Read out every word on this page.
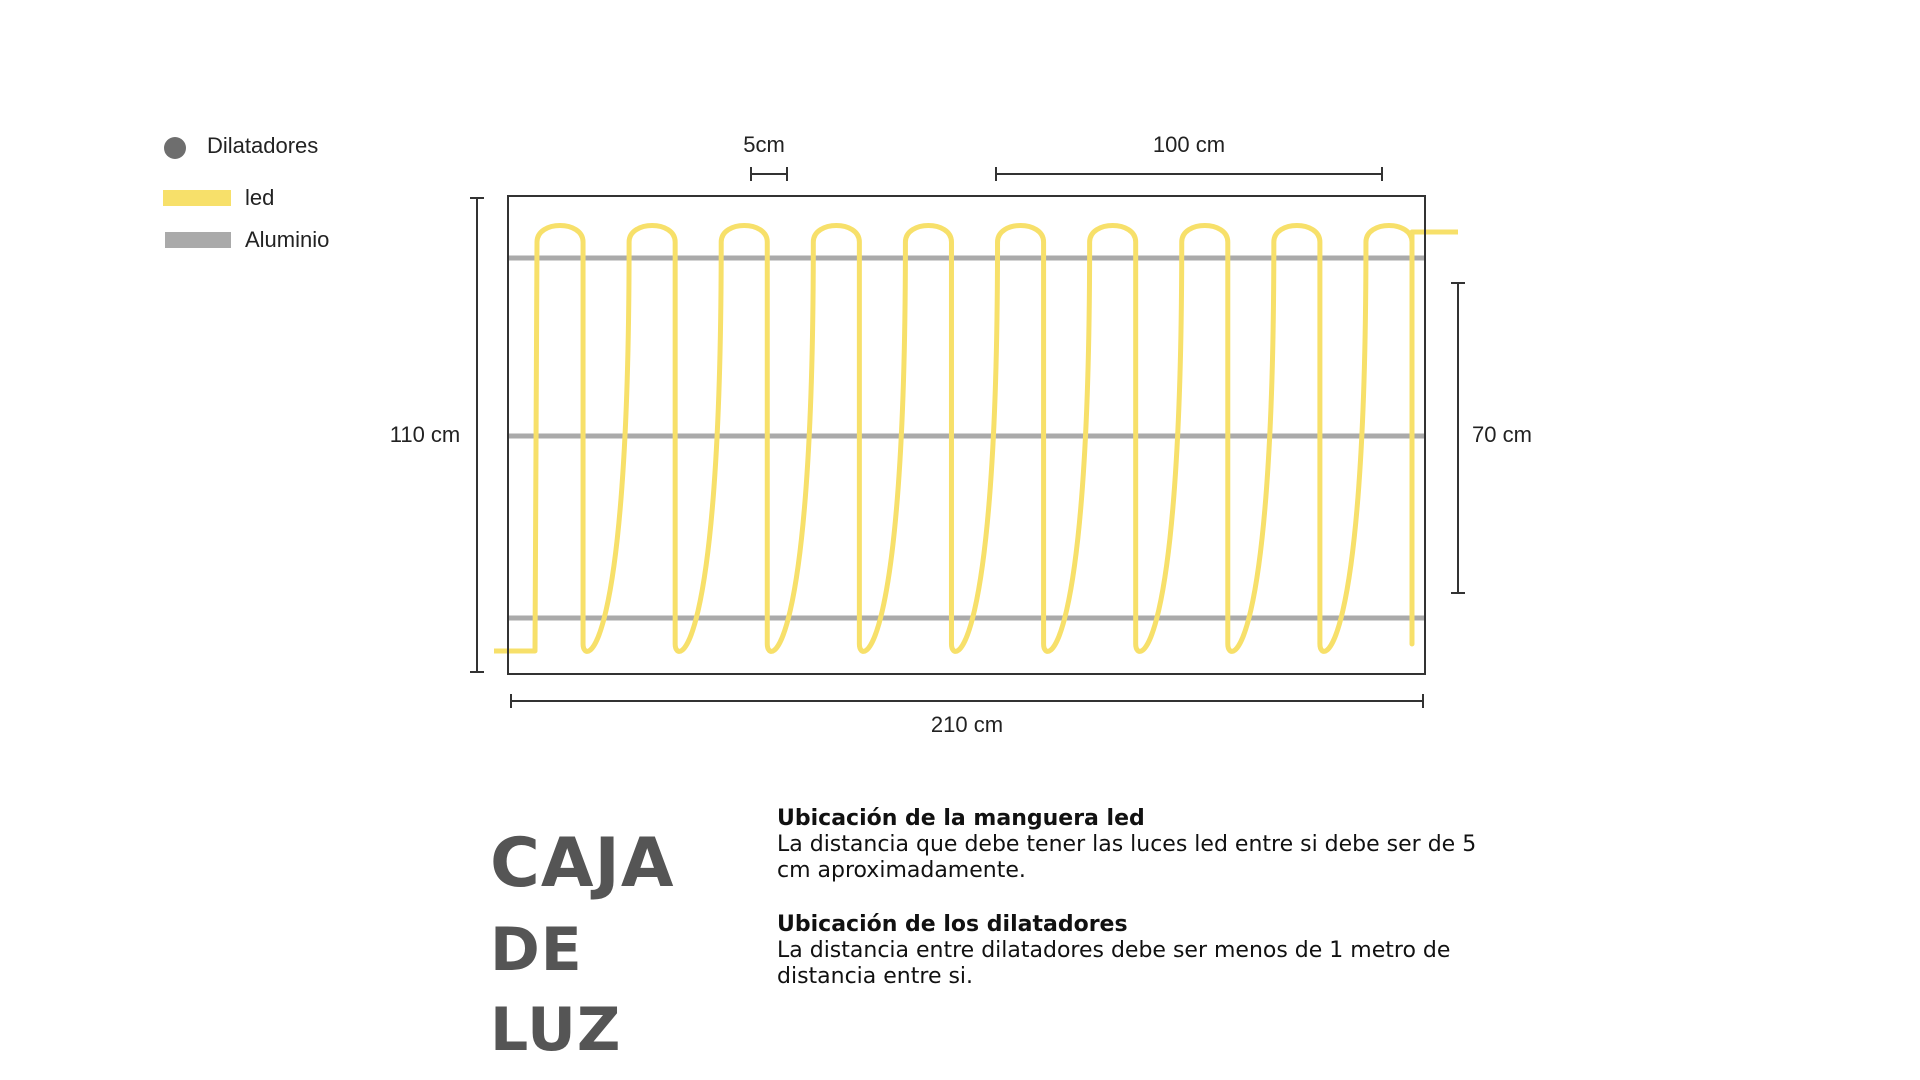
Dilatadores
led
Aluminio
5cm	100 cm
110 cm	70 cm
210 cm
CAJA
DE LUZ

Ubicación de la manguera led
La distancia que debe tener las luces led entre si debe ser de 5 cm aproximadamente.

Ubicación de los dilatadores
La distancia entre dilatadores debe ser menos de 1 metro de distancia entre si.
